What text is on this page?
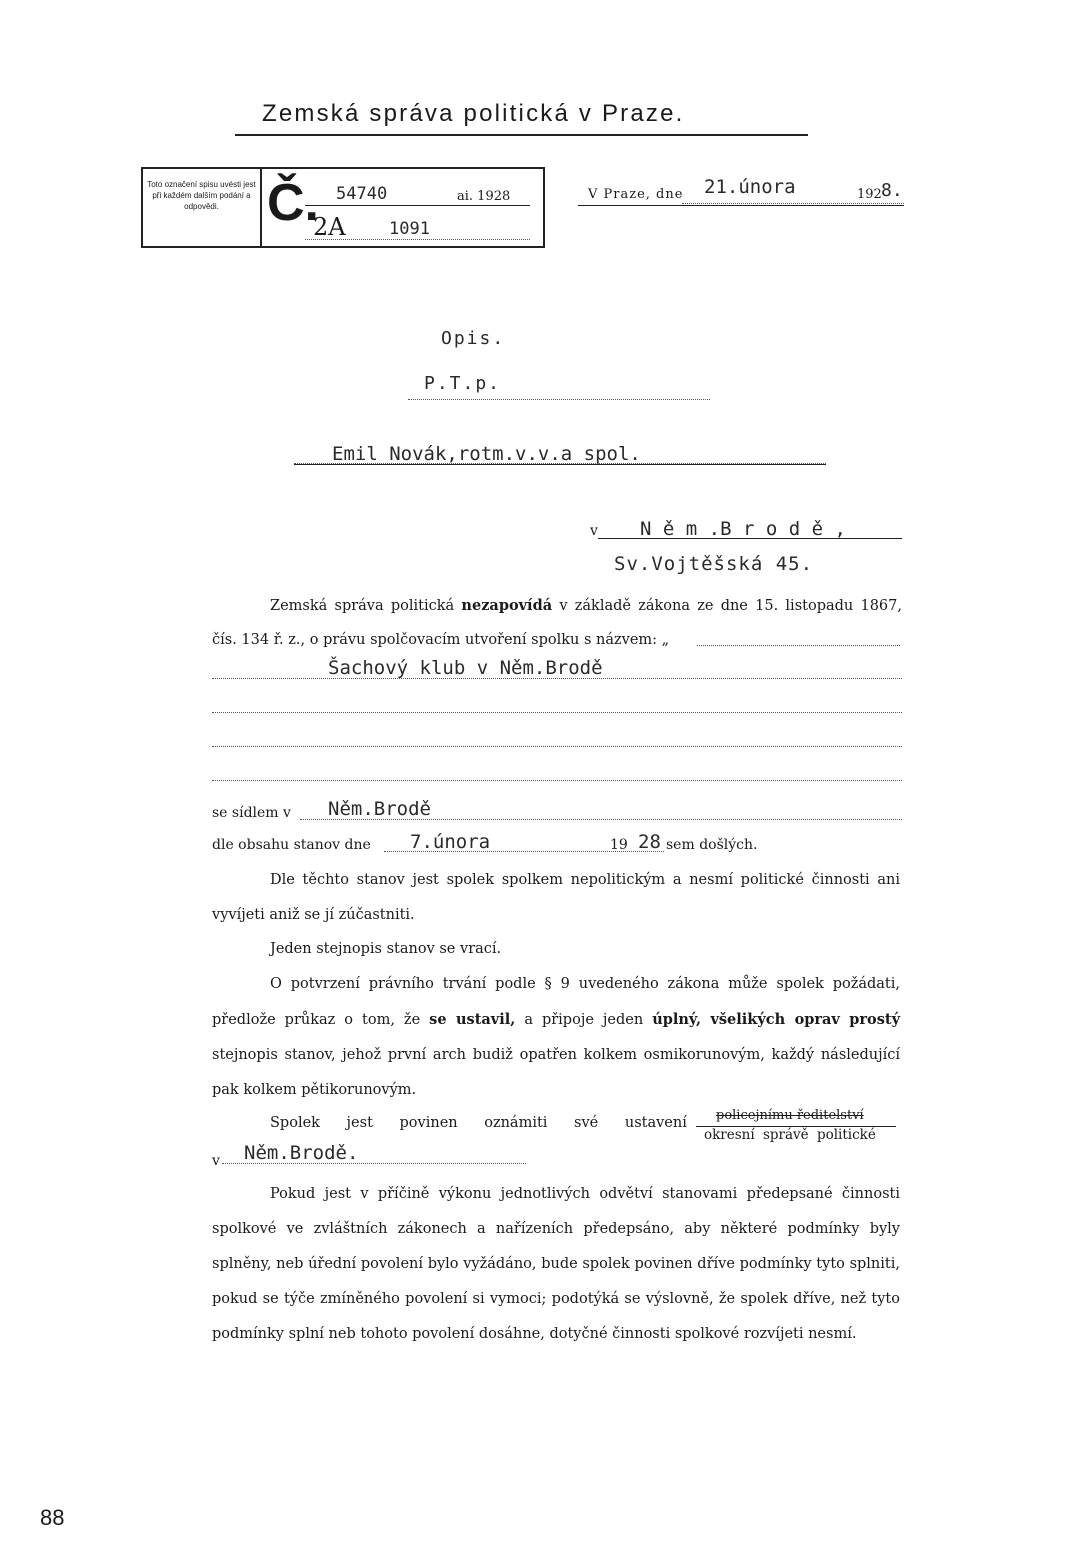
Zemská správa politická v Praze.
Toto označení spisu uvésti jest při každém dalším podání a odpovědi. Č. 54740	ai. 1928
2A	1091
V Praze, dne 21.února	192 8.
Opis.
P.T.p.
Emil Novák,rotm.v.v.a spol.
v N ě m .B r o d ě ,
Sv.Vojtěšská 45.
Zemská správa politická nezapovídá v základě zákona ze dne 15. listopadu 1867,
čís. 134 ř. z., o právu spolčovacím utvoření spolku s názvem: „
Šachový klub v Něm.Brodě
se sídlem v Něm.Brodě
dle obsahu stanov dne 7.února	19 28 sem došlých.
Dle těchto stanov jest spolek spolkem nepolitickým a nesmí politické činnosti ani vyvíjeti aniž se jí zúčastniti.
Jeden stejnopis stanov se vrací.
O potvrzení právního trvání podle § 9 uvedeného zákona může spolek požádati, předlože průkaz o tom, že se ustavil, a připoje jeden úplný, všelikých oprav prostý stejnopis stanov, jehož první arch budiž opatřen kolkem osmikorunovým, každý následující pak kolkem pětikorunovým.
Spolek jest povinen oznámiti své ustavení policejnímu ředitelství
okresní správě politické
v Něm.Brodě.
Pokud jest v příčině výkonu jednotlivých odvětví stanovami předepsané činnosti spolkové ve zvláštních zákonech a nařízeních předepsáno, aby některé podmínky byly splněny, neb úřední povolení bylo vyžádáno, bude spolek povinen dříve podmínky tyto splniti, pokud se týče zmíněného povolení si vymoci; podotýká se výslovně, že spolek dříve, než tyto podmínky splní neb tohoto povolení dosáhne, dotyčné činnosti spolkové rozvíjeti nesmí.
88
